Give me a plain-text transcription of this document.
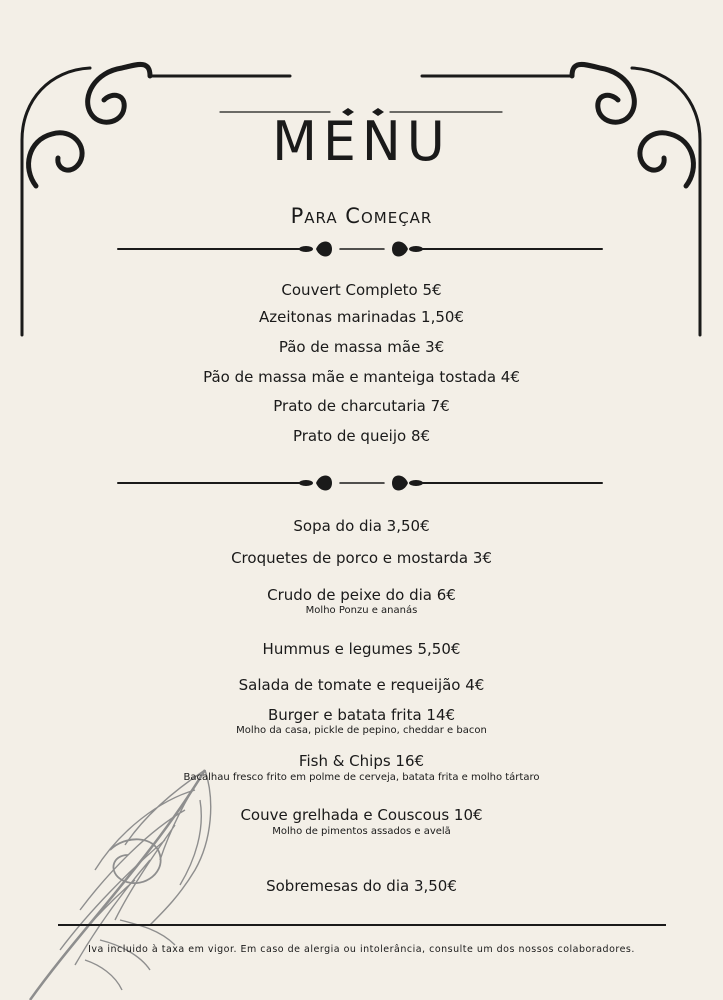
MENU
Para Começar
Couvert Completo 5€
Azeitonas marinadas 1,50€
Pão de massa mãe 3€
Pão de massa mãe e manteiga tostada 4€
Prato de charcutaria 7€
Prato de queijo 8€
Sopa do dia 3,50€
Croquetes de porco e mostarda 3€
Crudo de peixe do dia 6€
Molho Ponzu e ananás
Hummus e legumes 5,50€
Salada de tomate e requeijão 4€
Burger e batata frita 14€
Molho da casa, pickle de pepino, cheddar e bacon
Fish & Chips 16€
Bacalhau fresco frito em polme de cerveja, batata frita e molho tártaro
Couve grelhada e Couscous 10€
Molho de pimentos assados e avelã
Sobremesas do dia 3,50€
Iva incluido à taxa em vigor. Em caso de alergia ou intolerância, consulte um dos nossos colaboradores.
